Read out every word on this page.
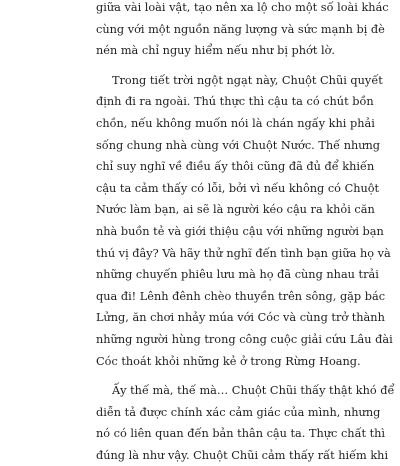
giữa vài loài vật, tạo nên xa lộ cho một số loài khác
cùng với một nguồn năng lượng và sức mạnh bị đè
nén mà chỉ nguy hiểm nếu như bị phớt lờ.
Trong tiết trời ngột ngạt này, Chuột Chũi quyết
định đi ra ngoài. Thú thực thì cậu ta có chút bồn
chồn, nếu không muốn nói là chán ngấy khi phải
sống chung nhà cùng với Chuột Nước. Thế nhưng
chỉ suy nghĩ về điều ấy thôi cũng đã đủ để khiến
cậu ta cảm thấy có lỗi, bởi vì nếu không có Chuột
Nước làm bạn, ai sẽ là người kéo cậu ra khỏi căn
nhà buồn tẻ và giới thiệu cậu với những người bạn
thú vị đây? Và hãy thử nghĩ đến tình bạn giữa họ và
những chuyến phiêu lưu mà họ đã cùng nhau trải
qua đi! Lênh đênh chèo thuyền trên sông, gặp bác
Lửng, ăn chơi nhảy múa với Cóc và cùng trở thành
những người hùng trong công cuộc giải cứu Lâu đài
Cóc thoát khỏi những kẻ ở trong Rừng Hoang.
Ấy thế mà, thế mà… Chuột Chũi thấy thật khó để
diễn tả được chính xác cảm giác của mình, nhưng
nó có liên quan đến bản thân cậu ta. Thực chất thì
đúng là như vậy. Chuột Chũi cảm thấy rất hiếm khi
